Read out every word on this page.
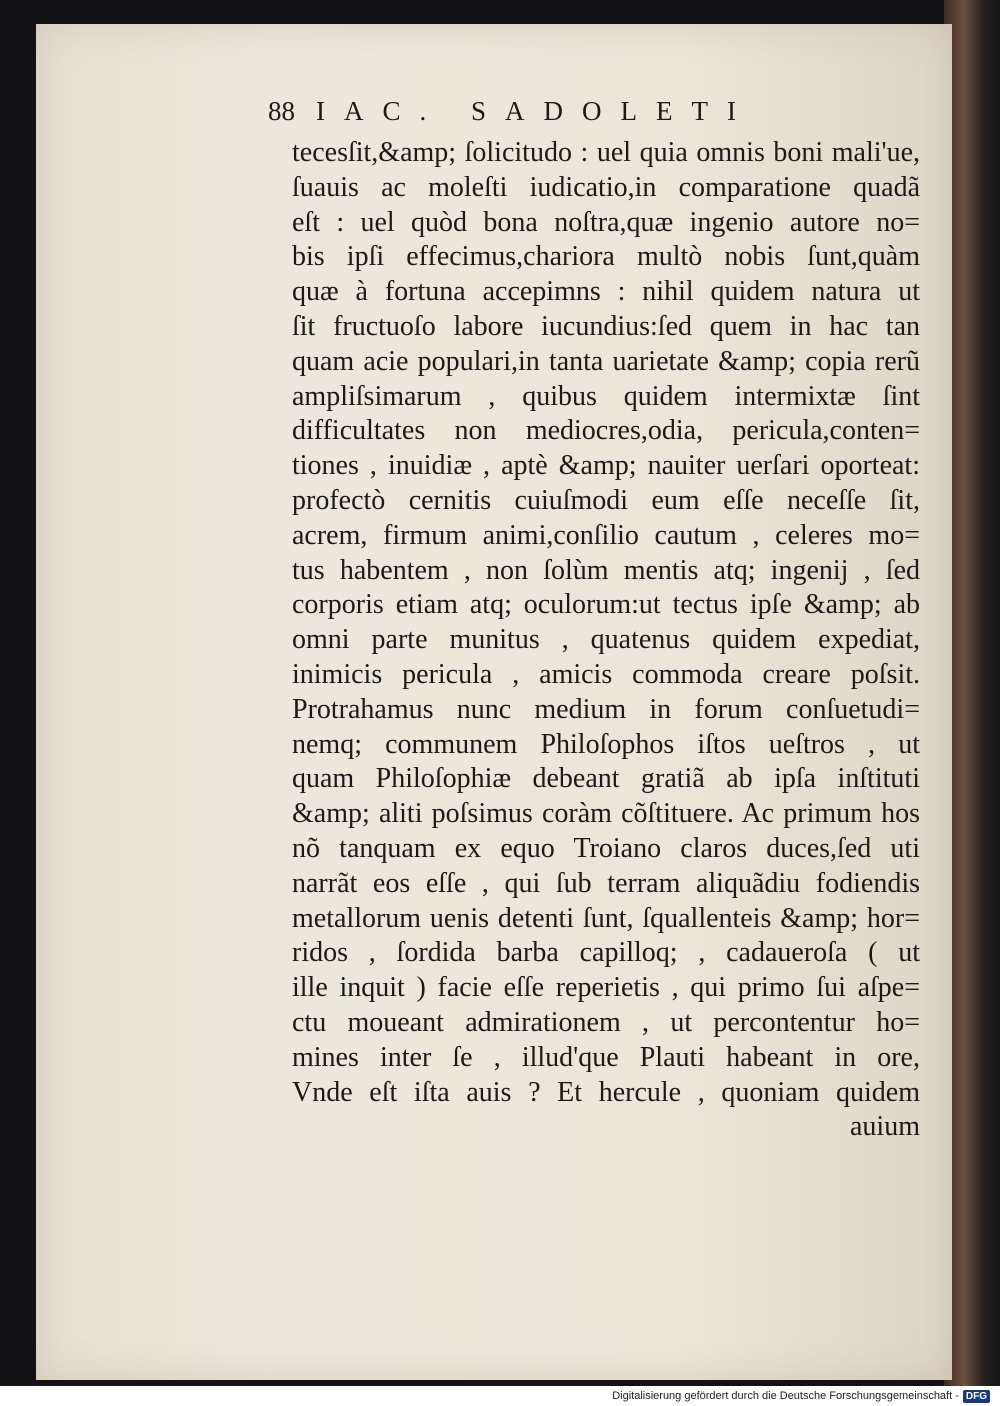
88 IAC. SADOLETI
tecesſit,&amp; ſolicitudo : uel quia omnis boni mali'ue,
ſuauis ac moleſti iudicatio,in comparatione quadã
eſt : uel quòd bona noſtra,quæ ingenio autore no=
bis ipſi effecimus,chariora multò nobis ſunt,quàm
quæ à fortuna accepimns : nihil quidem natura ut
ſit fructuoſo labore iucundius:ſed quem in hac tan
quam acie populari,in tanta uarietate &amp; copia rerũ
ampliſsimarum , quibus quidem intermixtæ ſint
difficultates non mediocres,odia, pericula,conten=
tiones , inuidiæ , aptè &amp; nauiter uerſari oporteat:
profectò cernitis cuiuſmodi eum eſſe neceſſe ſit,
acrem, firmum animi,conſilio cautum , celeres mo=
tus habentem , non ſolùm mentis atq; ingenij , ſed
corporis etiam atq; oculorum:ut tectus ipſe &amp; ab
omni parte munitus , quatenus quidem expediat,
inimicis pericula , amicis commoda creare poſsit.
Protrahamus nunc medium in forum conſuetudi=
nemq; communem Philoſophos iſtos ueſtros , ut
quam Philoſophiæ debeant gratiã ab ipſa inſtituti
&amp; aliti poſsimus coràm cõſtituere. Ac primum hos
nõ tanquam ex equo Troiano claros duces,ſed uti
narrãt eos eſſe , qui ſub terram aliquãdiu fodiendis
metallorum uenis detenti ſunt, ſquallenteis &amp; hor=
ridos , ſordida barba capilloq; , cadaueroſa ( ut
ille inquit ) facie eſſe reperietis , qui primo ſui aſpe=
ctu moueant admirationem , ut percontentur ho=
mines inter ſe , illud'que Plauti habeant in ore,
Vnde eſt iſta auis ? Et hercule , quoniam quidem
auium
Digitalisierung gefördert durch die Deutsche Forschungsgemeinschaft - DFG
